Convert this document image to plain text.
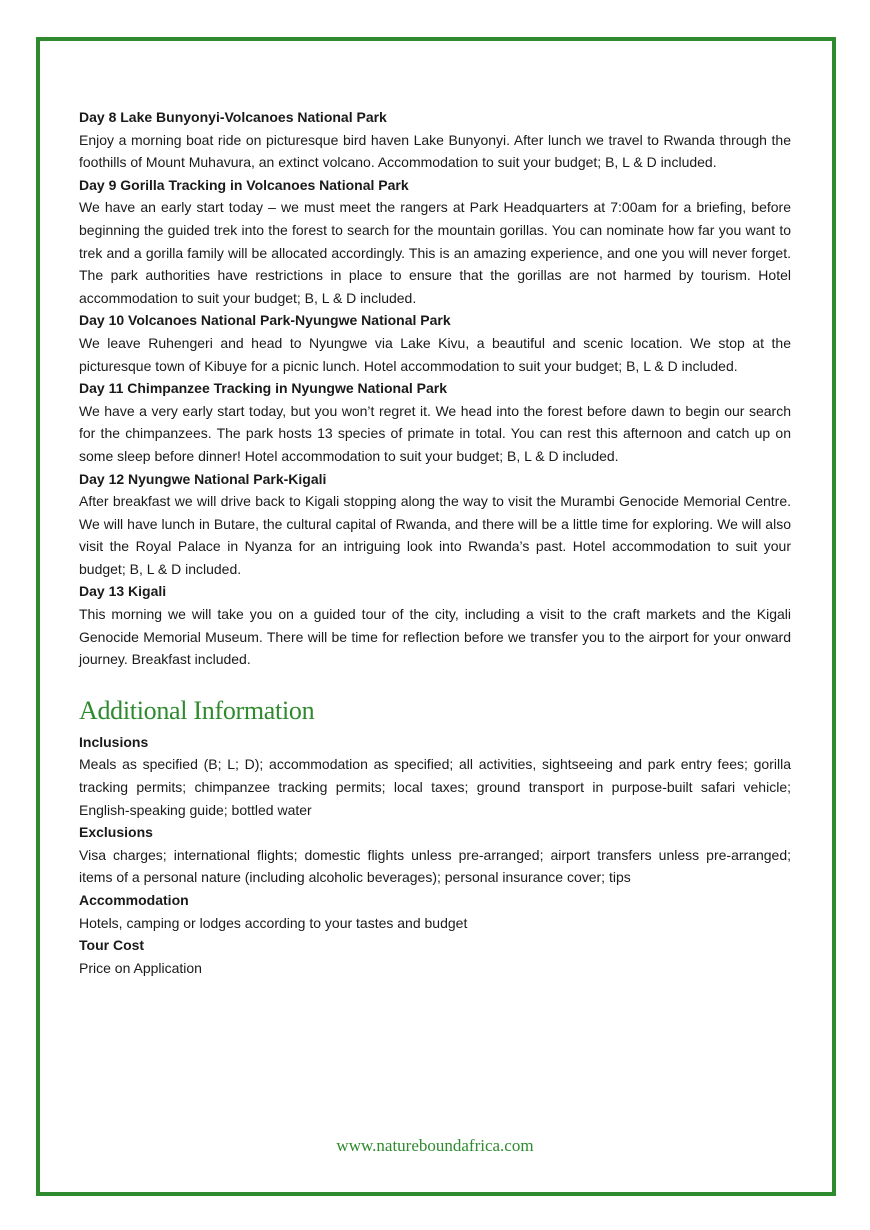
Day 8 Lake Bunyonyi-Volcanoes National Park

Enjoy a morning boat ride on picturesque bird haven Lake Bunyonyi. After lunch we travel to Rwanda through the foothills of Mount Muhavura, an extinct volcano. Accommodation to suit your budget; B, L & D included.

Day 9 Gorilla Tracking in Volcanoes National Park

We have an early start today – we must meet the rangers at Park Headquarters at 7:00am for a briefing, before beginning the guided trek into the forest to search for the mountain gorillas. You can nominate how far you want to trek and a gorilla family will be allocated accordingly. This is an amazing experience, and one you will never forget. The park authorities have restrictions in place to ensure that the gorillas are not harmed by tourism. Hotel accommodation to suit your budget; B, L & D included.

Day 10 Volcanoes National Park-Nyungwe National Park

We leave Ruhengeri and head to Nyungwe via Lake Kivu, a beautiful and scenic location. We stop at the picturesque town of Kibuye for a picnic lunch. Hotel accommodation to suit your budget; B, L & D included.

Day 11 Chimpanzee Tracking in Nyungwe National Park

We have a very early start today, but you won’t regret it. We head into the forest before dawn to begin our search for the chimpanzees. The park hosts 13 species of primate in total. You can rest this afternoon and catch up on some sleep before dinner! Hotel accommodation to suit your budget; B, L & D included.

Day 12 Nyungwe National Park-Kigali

After breakfast we will drive back to Kigali stopping along the way to visit the Murambi Genocide Memorial Centre. We will have lunch in Butare, the cultural capital of Rwanda, and there will be a little time for exploring. We will also visit the Royal Palace in Nyanza for an intriguing look into Rwanda’s past. Hotel accommodation to suit your budget; B, L & D included.

Day 13 Kigali

This morning we will take you on a guided tour of the city, including a visit to the craft markets and the Kigali Genocide Memorial Museum. There will be time for reflection before we transfer you to the airport for your onward journey. Breakfast included.

Additional Information

Inclusions

Meals as specified (B; L; D); accommodation as specified; all activities, sightseeing and park entry fees; gorilla tracking permits; chimpanzee tracking permits; local taxes; ground transport in purpose-built safari vehicle; English-speaking guide; bottled water

Exclusions

Visa charges; international flights; domestic flights unless pre-arranged; airport transfers unless pre-arranged; items of a personal nature (including alcoholic beverages); personal insurance cover; tips

Accommodation

Hotels, camping or lodges according to your tastes and budget

Tour Cost

Price on Application

www.natureboundafrica.com
